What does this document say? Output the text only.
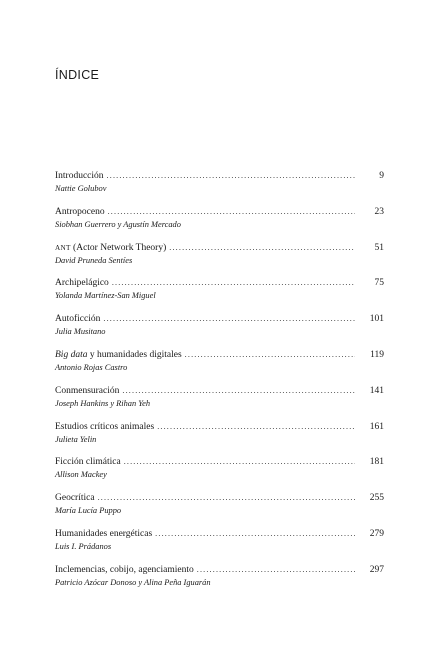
ÍNDICE
Introducción .....	9
Nattie Golubov
Antropoceno .....	23
Siobhan Guerrero y Agustín Mercado
ANT (Actor Network Theory) .....	51
David Pruneda Sentíes
Archipelágico .....	75
Yolanda Martínez-San Miguel
Autoficción .....	101
Julia Musitano
Big data y humanidades digitales .....	119
Antonio Rojas Castro
Conmensuración .....	141
Joseph Hankins y Rihan Yeh
Estudios críticos animales .....	161
Julieta Yelin
Ficción climática .....	181
Allison Mackey
Geocrítica .....	255
María Lucía Puppo
Humanidades energéticas .....	279
Luis I. Prádanos
Inclemencias, cobijo, agenciamiento .....	297
Patricio Azócar Donoso y Alina Peña Iguarán
